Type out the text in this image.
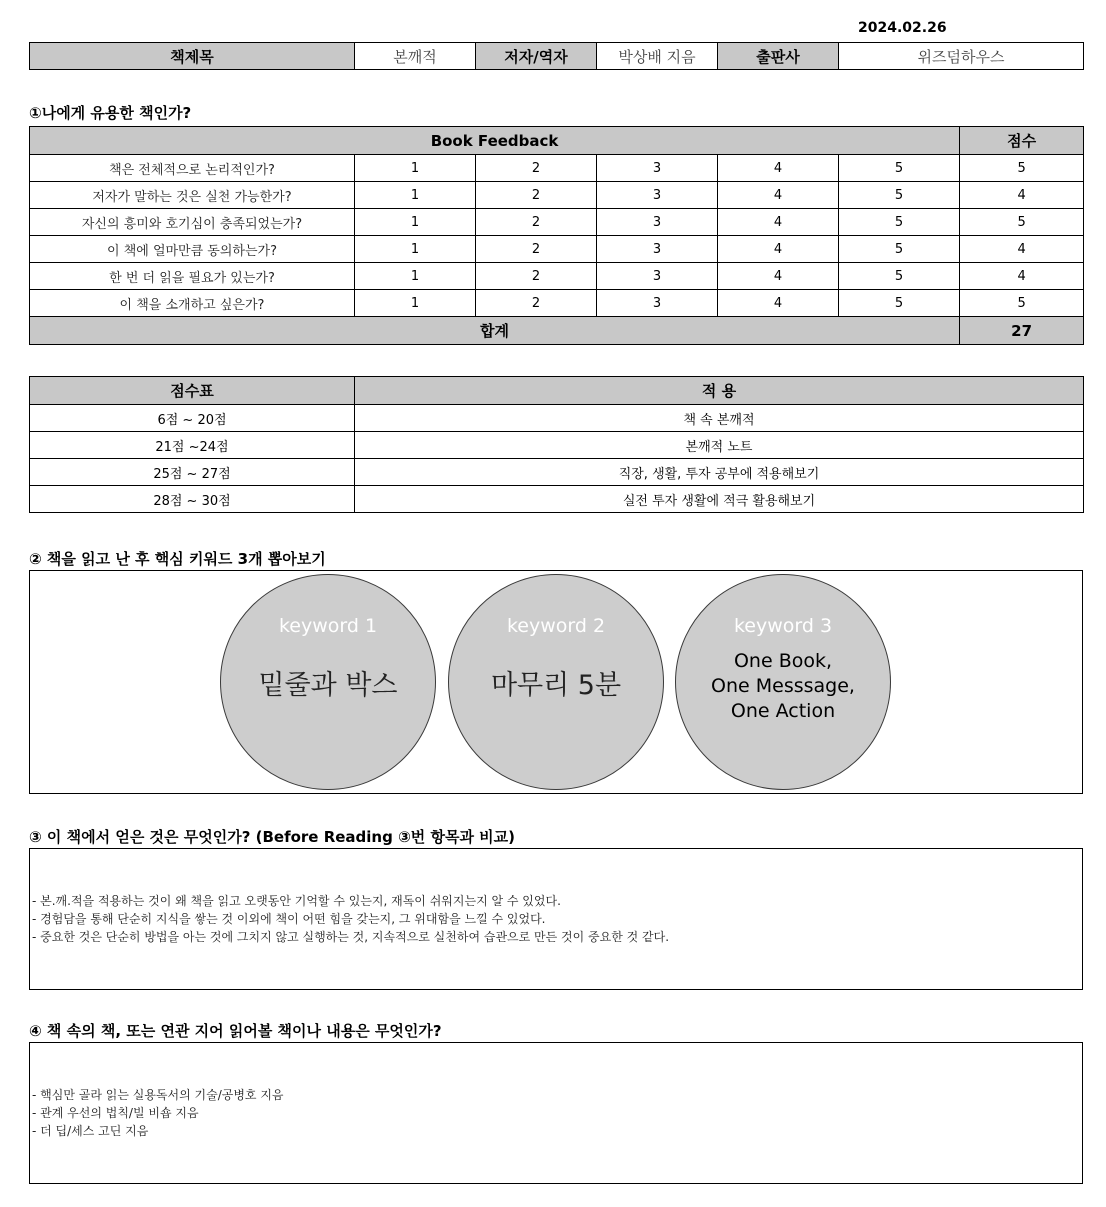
2024.02.26
책제목	본깨적	저자/역자	박상배 지음	출판사	위즈덤하우스
①나에게 유용한 책인가?
Book Feedback						점수
책은 전체적으로 논리적인가?	1	2	3	4	5	5
저자가 말하는 것은 실천 가능한가?	1	2	3	4	5	4
자신의 흥미와 호기심이 충족되었는가?	1	2	3	4	5	5
이 책에 얼마만큼 동의하는가?	1	2	3	4	5	4
한 번 더 읽을 필요가 있는가?	1	2	3	4	5	4
이 책을 소개하고 싶은가?	1	2	3	4	5	5
합계						27
점수표	적 용
6점 ~ 20점	책 속 본깨적
21점 ~24점	본깨적 노트
25점 ~ 27점	직장, 생활, 투자 공부에 적용해보기
28점 ~ 30점	실전 투자 생활에 적극 활용해보기
② 책을 읽고 난 후 핵심 키워드 3개 뽑아보기
keyword 1
밑줄과 박스
keyword 2
마무리 5분
keyword 3
One Book,
One Messsage,
One Action
③ 이 책에서 얻은 것은 무엇인가? (Before Reading ③번 항목과 비교)
- 본.깨.적을 적용하는 것이 왜 책을 읽고 오랫동안 기억할 수 있는지, 재독이 쉬워지는지 알 수 있었다.
- 경험담을 통해 단순히 지식을 쌓는 것 이외에 책이 어떤 힘을 갖는지, 그 위대함을 느낄 수 있었다.
- 중요한 것은 단순히 방법을 아는 것에 그치지 않고 실행하는 것, 지속적으로 실천하여 습관으로 만든 것이 중요한 것 같다.
④ 책 속의 책, 또는 연관 지어 읽어볼 책이나 내용은 무엇인가?
- 핵심만 골라 읽는 실용독서의 기술/공병호 지음
- 관계 우선의 법칙/빌 비숍 지음
- 더 딥/세스 고딘 지음
